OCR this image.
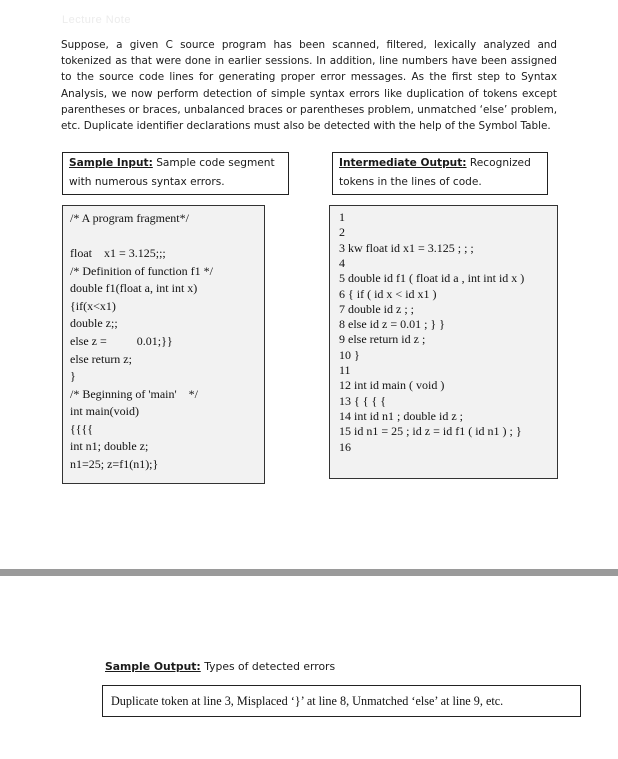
Lecture Note
Suppose, a given C source program has been scanned, filtered, lexically analyzed and tokenized as that were done in earlier sessions. In addition, line numbers have been assigned to the source code lines for generating proper error messages. As the first step to Syntax Analysis, we now perform detection of simple syntax errors like duplication of tokens except parentheses or braces, unbalanced braces or parentheses problem, unmatched ‘else’ problem, etc. Duplicate identifier declarations must also be detected with the help of the Symbol Table.
Sample Input: Sample code segment
with numerous syntax errors.
Intermediate Output: Recognized
tokens in the lines of code.
/* A program fragment*/
float    x1 = 3.125;;;
/* Definition of function f1 */
double f1(float a, int int x)
{if(x<x1)
double z;;
else z =          0.01;}}
else return z;
}
/* Beginning of 'main'    */
int main(void)
{{{{
int n1; double z;
n1=25; z=f1(n1);}
1
2
3 kw float id x1 = 3.125 ; ; ;
4
5 double id f1 ( float id a , int int id x )
6 { if ( id x < id x1 )
7 double id z ; ;
8 else id z = 0.01 ; } }
9 else return id z ;
10 }
11
12 int id main ( void )
13 { { { {
14 int id n1 ; double id z ;
15 id n1 = 25 ; id z = id f1 ( id n1 ) ; }
16
Sample Output: Types of detected errors
Duplicate token at line 3, Misplaced ‘}’ at line 8, Unmatched ‘else’ at line 9, etc.
